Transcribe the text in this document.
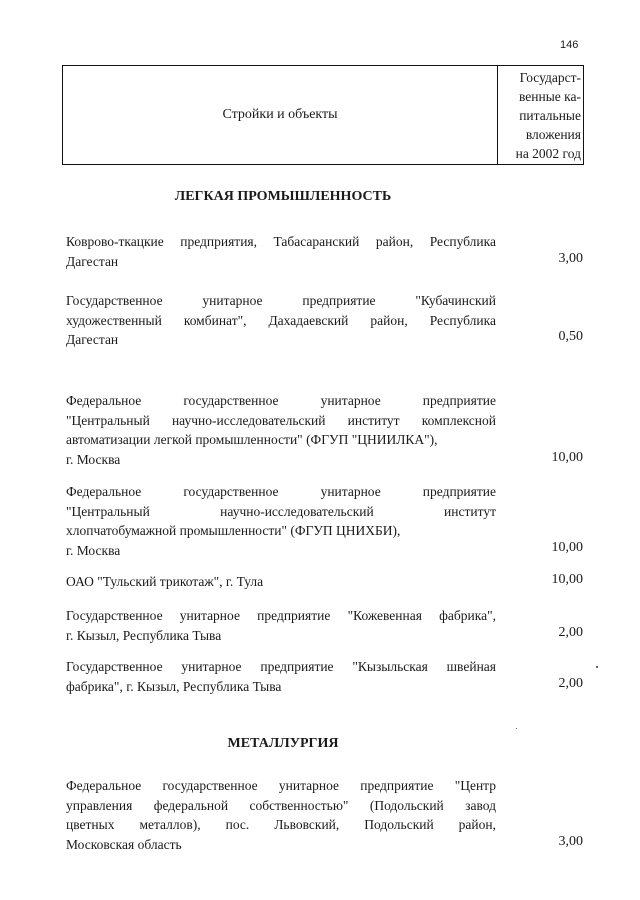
146
Стройки и объекты
Государст-
венные ка-
питальные
вложения
на 2002 год
ЛЕГКАЯ ПРОМЫШЛЕННОСТЬ
Коврово-ткацкие предприятия, Табасаранский район, Республика
Дагестан	3,00
Государственное унитарное предприятие "Кубачинский
художественный комбинат", Дахадаевский район, Республика
Дагестан	0,50
Федеральное государственное унитарное предприятие
"Центральный научно-исследовательский институт комплексной
автоматизации легкой промышленности" (ФГУП "ЦНИИЛКА"),
г. Москва	10,00
Федеральное государственное унитарное предприятие
"Центральный научно-исследовательский институт
хлопчатобумажной промышленности" (ФГУП ЦНИХБИ),
г. Москва	10,00
ОАО "Тульский трикотаж", г. Тула	10,00
Государственное унитарное предприятие "Кожевенная фабрика",
г. Кызыл, Республика Тыва	2,00
Государственное унитарное предприятие "Кызыльская швейная
фабрика", г. Кызыл, Республика Тыва	2,00
МЕТАЛЛУРГИЯ
Федеральное государственное унитарное предприятие "Центр
управления федеральной собственностью" (Подольский завод
цветных металлов), пос. Львовский, Подольский район,
Московская область	3,00
